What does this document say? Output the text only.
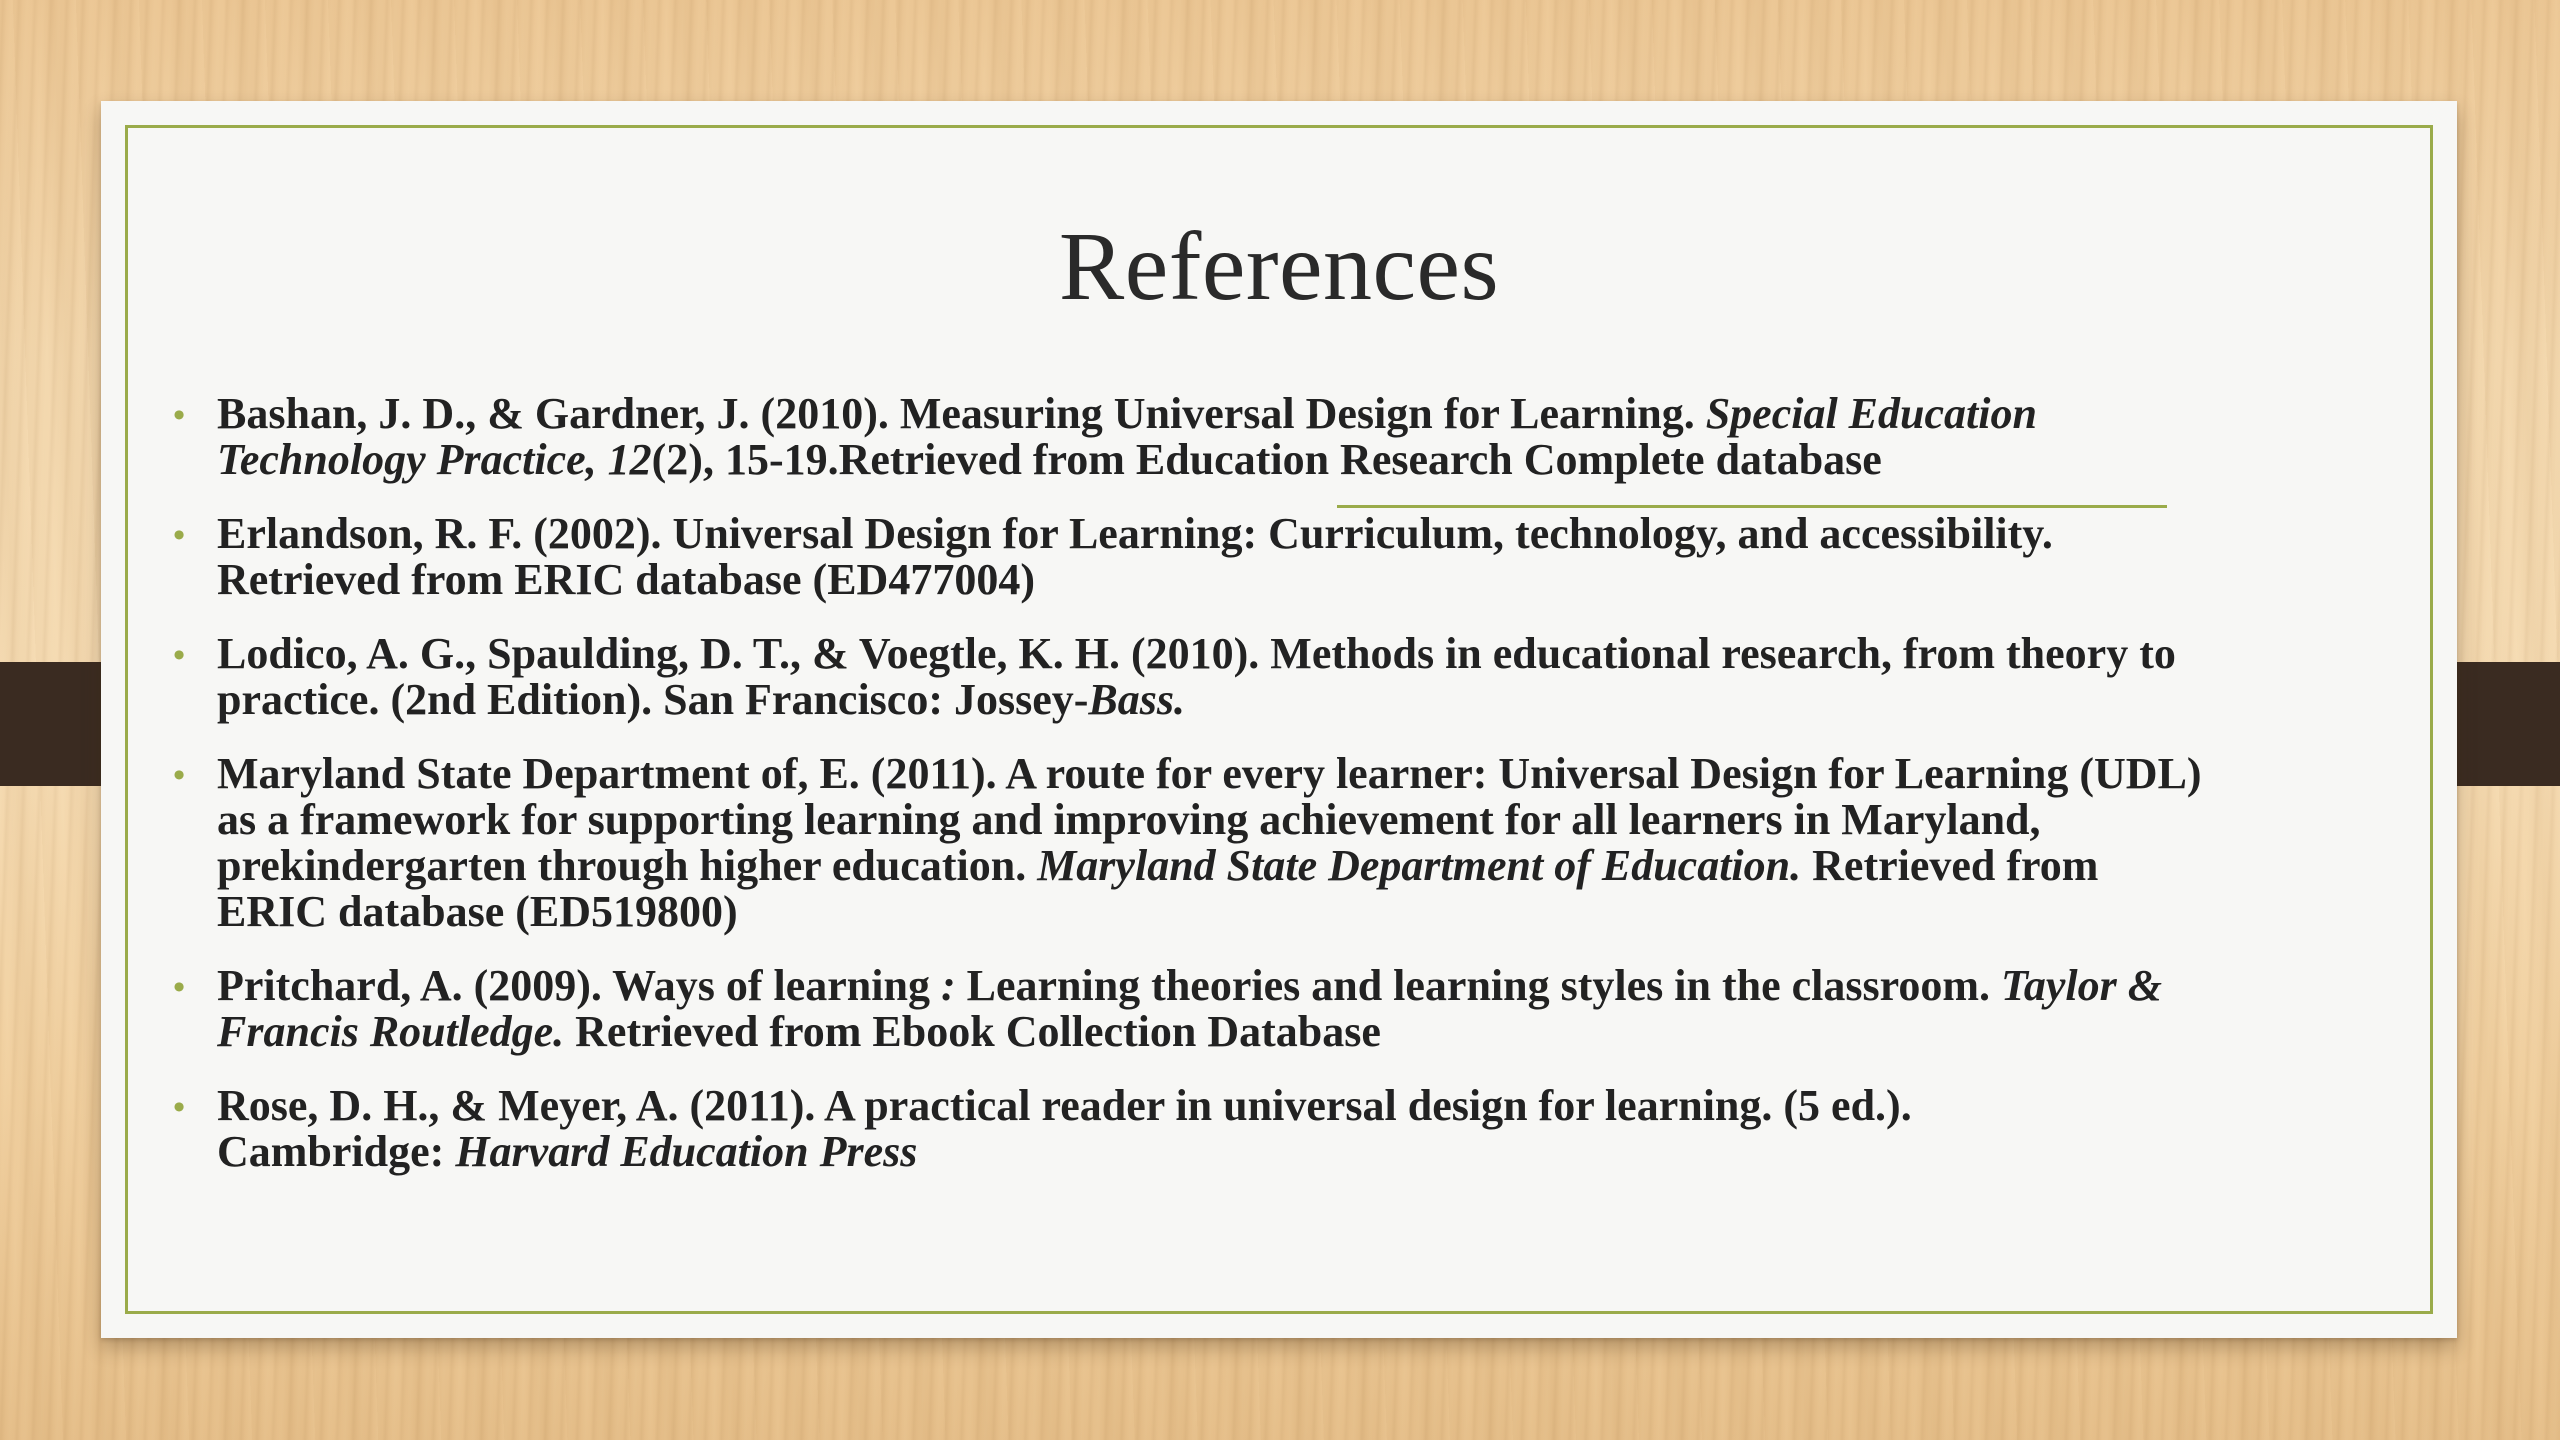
References
• Bashan, J. D., & Gardner, J. (2010). Measuring Universal Design for Learning. Special Education
Technology Practice, 12(2), 15-19.Retrieved from Education Research Complete database
• Erlandson, R. F. (2002). Universal Design for Learning: Curriculum, technology, and accessibility.
Retrieved from ERIC database (ED477004)
• Lodico, A. G., Spaulding, D. T., & Voegtle, K. H. (2010). Methods in educational research, from theory to
practice. (2nd Edition). San Francisco: Jossey-Bass.
• Maryland State Department of, E. (2011). A route for every learner: Universal Design for Learning (UDL)
as a framework for supporting learning and improving achievement for all learners in Maryland,
prekindergarten through higher education. Maryland State Department of Education. Retrieved from
ERIC database (ED519800)
• Pritchard, A. (2009). Ways of learning : Learning theories and learning styles in the classroom. Taylor &
Francis Routledge. Retrieved from Ebook Collection Database
• Rose, D. H., & Meyer, A. (2011). A practical reader in universal design for learning. (5 ed.).
Cambridge: Harvard Education Press
